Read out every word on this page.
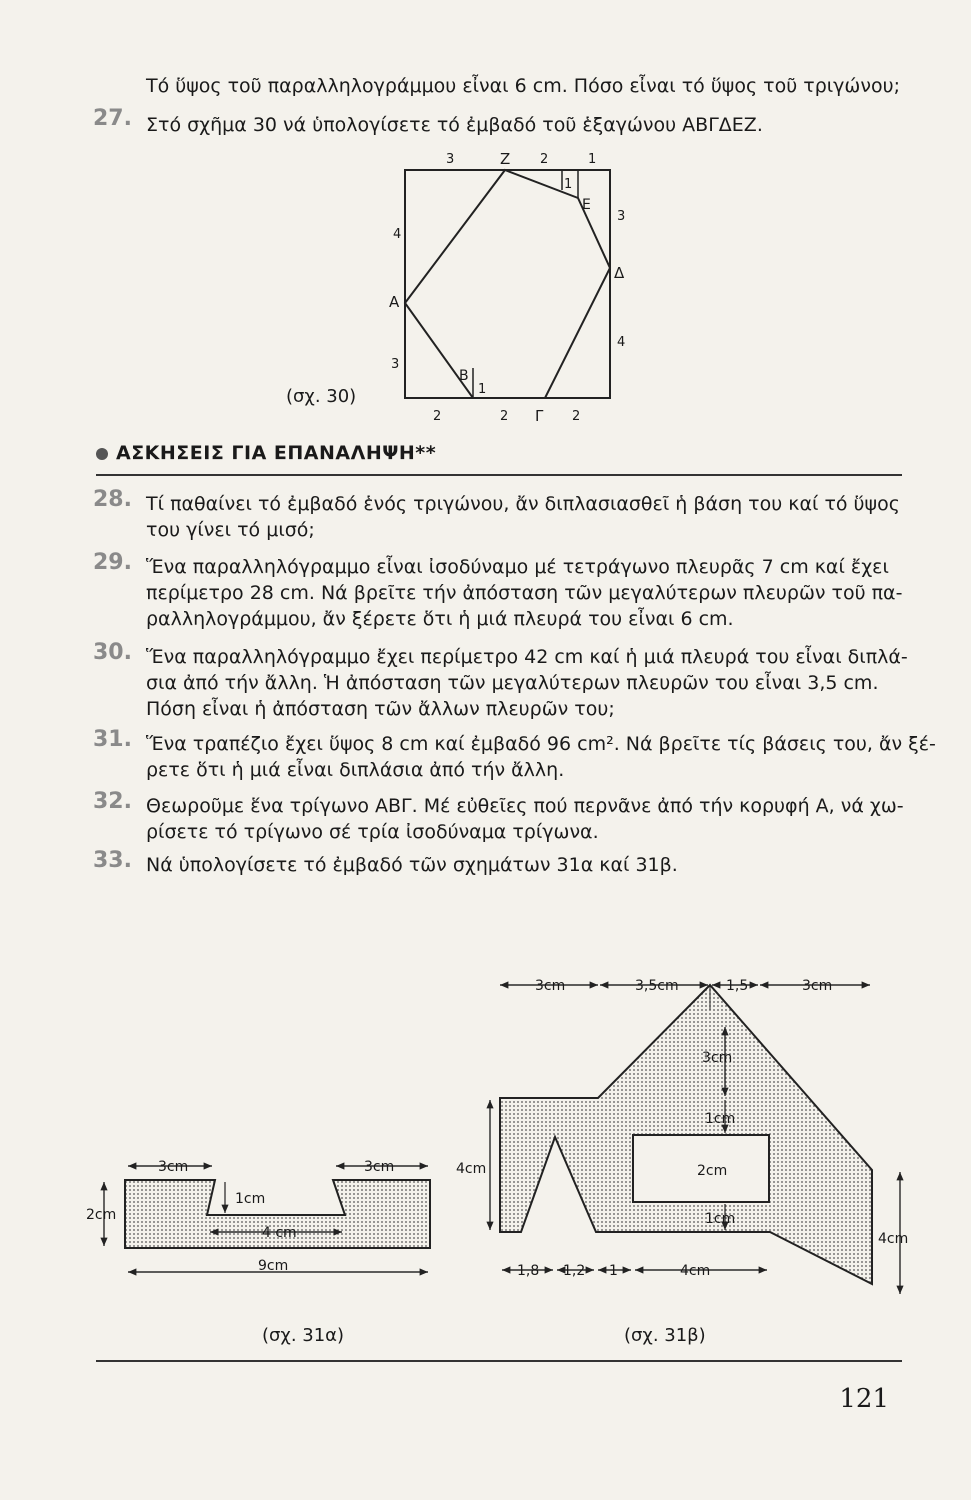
Τό ὕψος τοῦ παραλληλογράμμου εἶναι 6 cm. Πόσο εἶναι τό ὕψος τοῦ τριγώνου;
27. Στό σχῆμα 30 νά ὑπολογίσετε τό ἐμβαδό τοῦ ἑξαγώνου ΑΒΓΔΕΖ.
3	Ζ 2	1
4
Α
3
3
Δ
4
Ε
1
Β
1
2	2 Γ 2
(σχ. 30)
ΑΣΚΗΣΕΙΣ ΓΙΑ ΕΠΑΝΑΛΗΨΗ**
28. Τί παθαίνει τό ἐμβαδό ἑνός τριγώνου, ἄν διπλασιασθεῖ ἡ βάση του καί τό ὕψος
του γίνει τό μισό;
29. Ἕνα παραλληλόγραμμο εἶναι ἰσοδύναμο μέ τετράγωνο πλευρᾶς 7 cm καί ἔχει
περίμετρο 28 cm. Νά βρεῖτε τήν ἀπόσταση τῶν μεγαλύτερων πλευρῶν τοῦ πα-
ραλληλογράμμου, ἄν ξέρετε ὅτι ἡ μιά πλευρά του εἶναι 6 cm.
30. Ἕνα παραλληλόγραμμο ἔχει περίμετρο 42 cm καί ἡ μιά πλευρά του εἶναι διπλά-
σια ἀπό τήν ἄλλη. Ἡ ἀπόσταση τῶν μεγαλύτερων πλευρῶν του εἶναι 3,5 cm.
Πόση εἶναι ἡ ἀπόσταση τῶν ἄλλων πλευρῶν του;
31. Ἕνα τραπέζιο ἔχει ὕψος 8 cm καί ἐμβαδό 96 cm². Νά βρεῖτε τίς βάσεις του, ἄν ξέ-
ρετε ὅτι ἡ μιά εἶναι διπλάσια ἀπό τήν ἄλλη.
32. Θεωροῦμε ἕνα τρίγωνο ΑΒΓ. Μέ εὐθεῖες πού περνᾶνε ἀπό τήν κορυφή Α, νά χω-
ρίσετε τό τρίγωνο σέ τρία ἰσοδύναμα τρίγωνα.
33. Νά ὑπολογίσετε τό ἐμβαδό τῶν σχημάτων 31α καί 31β.
3cm	3cm
2cm
1cm
4 cm
9cm
3cm	3,5cm	1,5	3cm
3cm
1cm
2cm
1cm
4cm
4cm
1,8 1,2 1	4cm
(σχ. 31α)	(σχ. 31β)
121
